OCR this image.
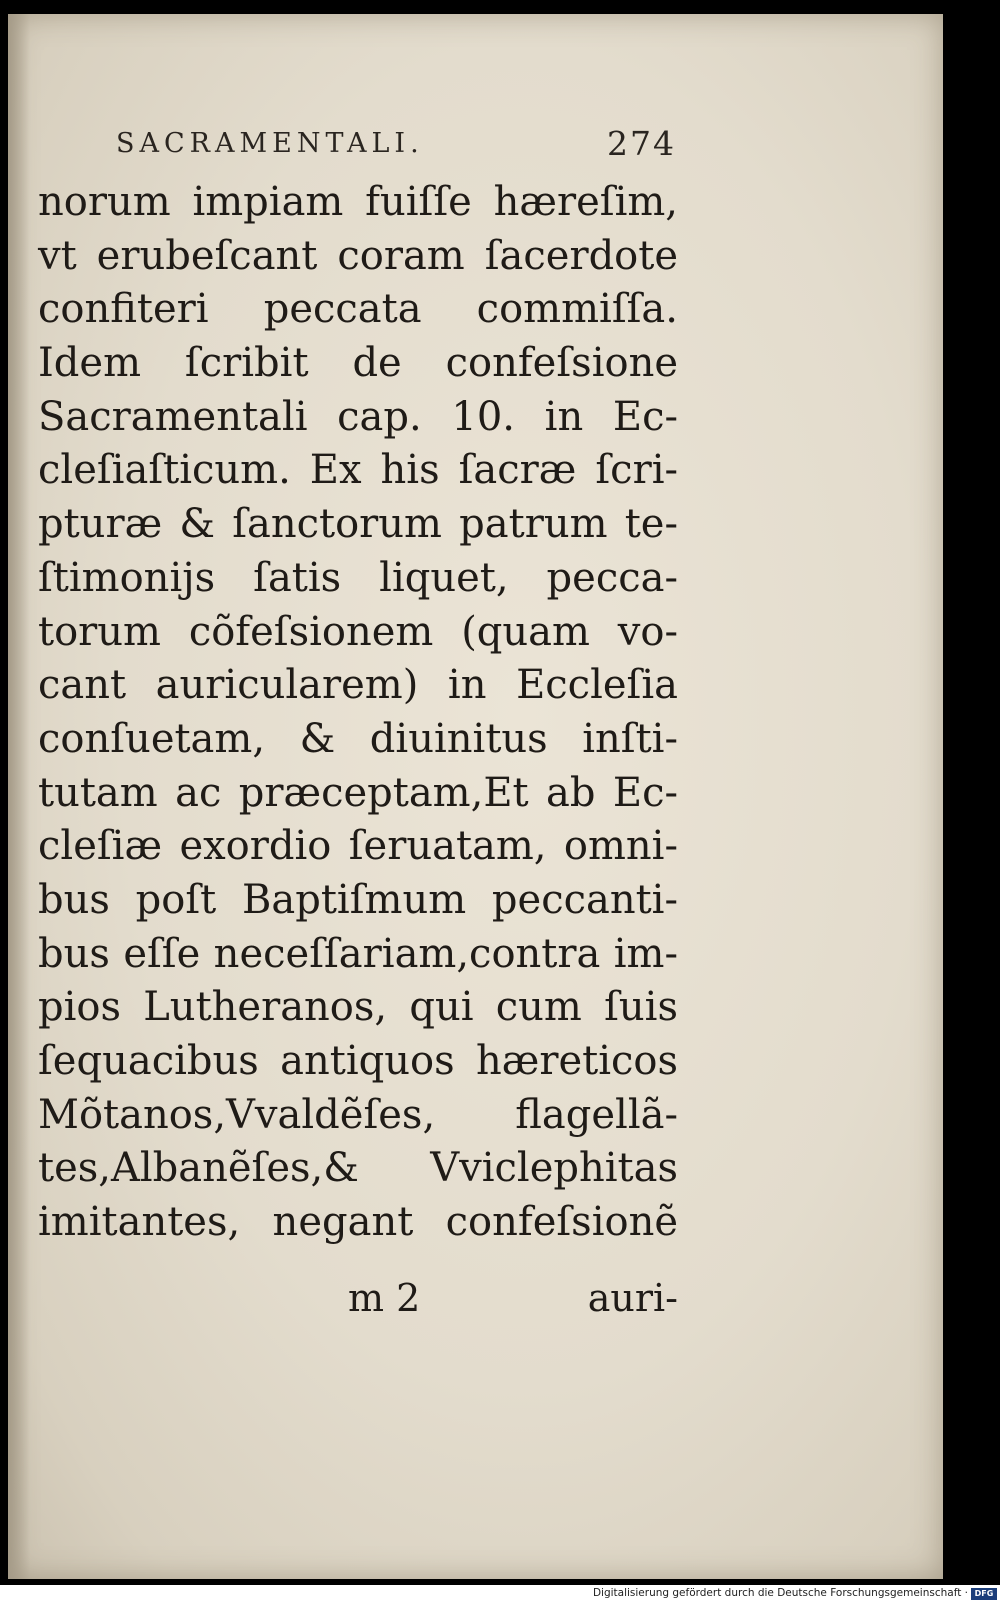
SACRAMENTALI.	274
norum impiam fuiſſe hæreſim,
vt erubeſcant coram ſacerdote
confiteri peccata commiſſa.
Idem ſcribit de confeſsione
Sacramentali cap. 10. in Ec-
cleſiaſticum. Ex his ſacræ ſcri-
pturæ & ſanctorum patrum te-
ſtimonijs ſatis liquet, pecca-
torum cõfeſsionem (quam vo-
cant auricularem) in Eccleſia
conſuetam, & diuinitus inſti-
tutam ac præceptam,Et ab Ec-
cleſiæ exordio ſeruatam, omni-
bus poſt Baptiſmum peccanti-
bus eſſe neceſſariam,contra im-
pios Lutheranos, qui cum ſuis
ſequacibus antiquos hæreticos
Mõtanos,Vvaldẽſes, flagellã-
tes,Albanẽſes,& Vviclephitas
imitantes, negant confeſsionẽ
m 2	auri-
Digitalisierung gefördert durch die Deutsche Forschungsgemeinschaft · DFG
